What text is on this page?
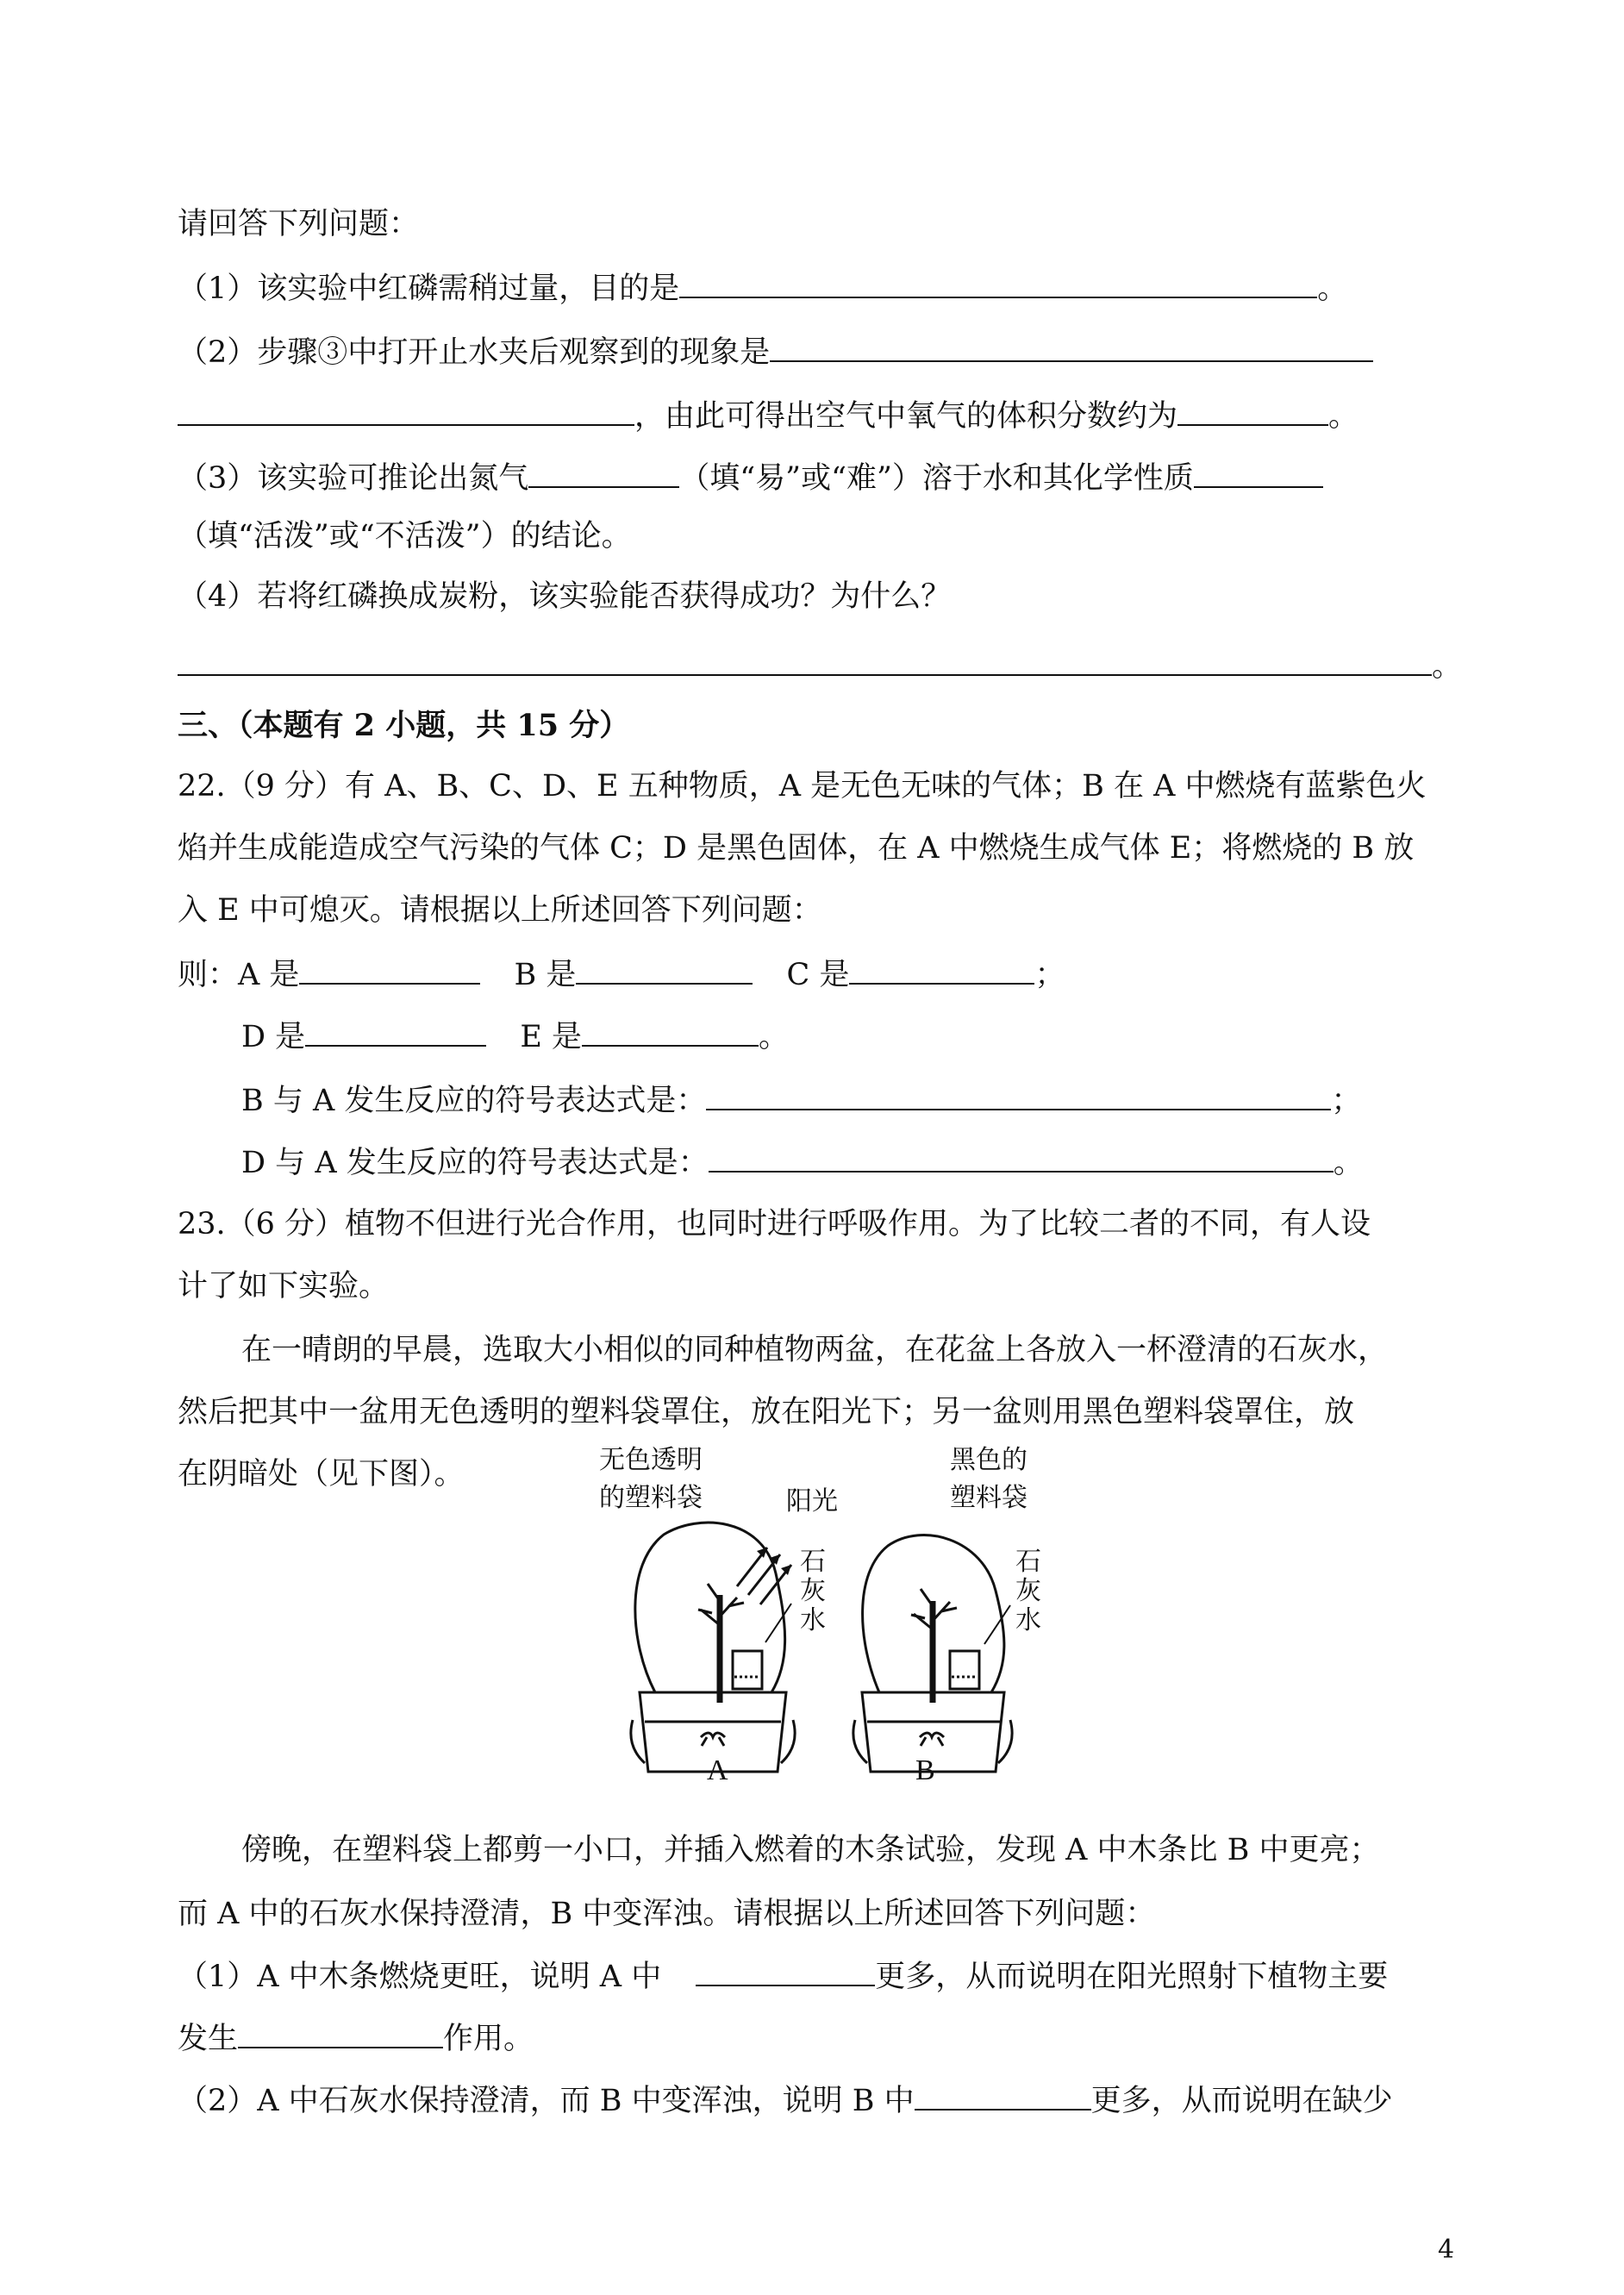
请回答下列问题：
（1）该实验中红磷需稍过量，目的是	。
（2）步骤③中打开止水夹后观察到的现象是
，由此可得出空气中氧气的体积分数约为	。
（3）该实验可推论出氮气	（填“易”或“难”）溶于水和其化学性质
（填“活泼”或“不活泼”）的结论。
（4）若将红磷换成炭粉，该实验能否获得成功？为什么？
。
三、（本题有 2 小题，共 15 分）
22.（9 分）有 A、B、C、D、E 五种物质，A 是无色无味的气体；B 在 A 中燃烧有蓝紫色火
焰并生成能造成空气污染的气体 C；D 是黑色固体，在 A 中燃烧生成气体 E；将燃烧的 B 放
入 E 中可熄灭。请根据以上所述回答下列问题：
则：A 是	B 是	C 是	；
D 是	E 是	。
B 与 A 发生反应的符号表达式是：	；
D 与 A 发生反应的符号表达式是：	。
23.（6 分）植物不但进行光合作用，也同时进行呼吸作用。为了比较二者的不同，有人设
计了如下实验。
在一晴朗的早晨，选取大小相似的同种植物两盆，在花盆上各放入一杯澄清的石灰水，
然后把其中一盆用无色透明的塑料袋罩住，放在阳光下；另一盆则用黑色塑料袋罩住，放
在阴暗处（见下图）。	无色透明
的塑料袋	阳光
石
灰
水
黑色的
塑料袋
石
灰
水
A	B
傍晚，在塑料袋上都剪一小口，并插入燃着的木条试验，发现 A 中木条比 B 中更亮；
而 A 中的石灰水保持澄清，B 中变浑浊。请根据以上所述回答下列问题：
（1）A 中木条燃烧更旺，说明 A 中	更多，从而说明在阳光照射下植物主要
发生	作用。
（2）A 中石灰水保持澄清，而 B 中变浑浊，说明 B 中	更多，从而说明在缺少
4
